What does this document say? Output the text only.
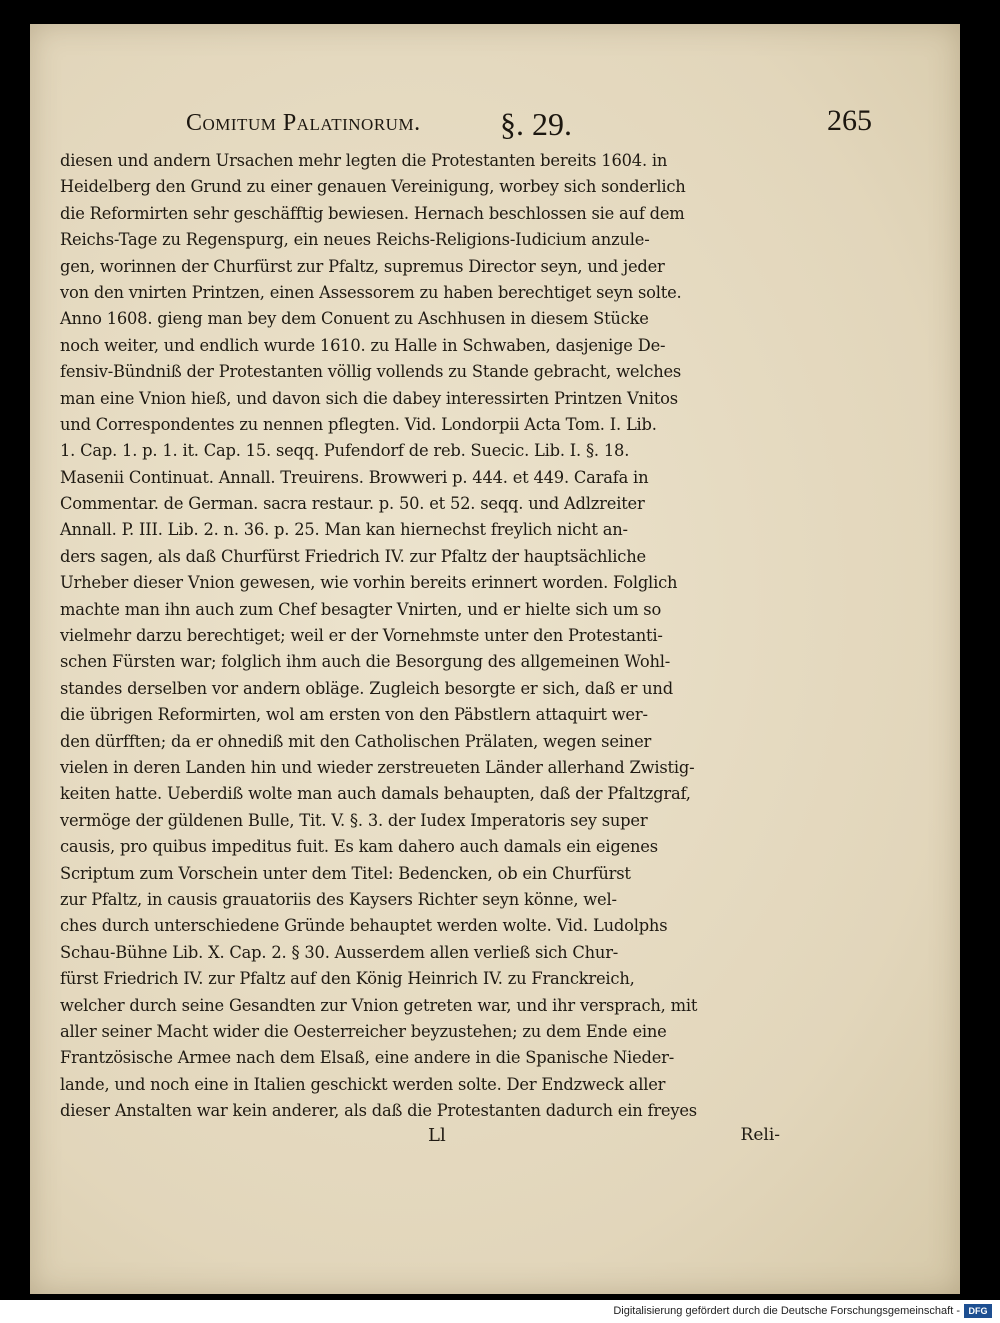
Comitum Palatinorum. §. 29.	265
diesen und andern Ursachen mehr legten die Protestanten bereits 1604. in
Heidelberg den Grund zu einer genauen Vereinigung, worbey sich sonderlich
die Reformirten sehr geschäfftig bewiesen. Hernach beschlossen sie auf dem
Reichs-Tage zu Regenspurg, ein neues Reichs-Religions-Iudicium anzule-
gen, worinnen der Churfürst zur Pfaltz, supremus Director seyn, und jeder
von den vnirten Printzen, einen Assessorem zu haben berechtiget seyn solte.
Anno 1608. gieng man bey dem Conuent zu Aschhusen in diesem Stücke
noch weiter, und endlich wurde 1610. zu Halle in Schwaben, dasjenige De-
fensiv-Bündniß der Protestanten völlig vollends zu Stande gebracht, welches
man eine Vnion hieß, und davon sich die dabey interessirten Printzen Vnitos
und Correspondentes zu nennen pflegten. Vid. Londorpii Acta Tom. I. Lib.
1. Cap. 1. p. 1. it. Cap. 15. seqq. Pufendorf de reb. Suecic. Lib. I. §. 18.
Masenii Continuat. Annall. Treuirens. Browweri p. 444. et 449. Carafa in
Commentar. de German. sacra restaur. p. 50. et 52. seqq. und Adlzreiter
Annall. P. III. Lib. 2. n. 36. p. 25. Man kan hiernechst freylich nicht an-
ders sagen, als daß Churfürst Friedrich IV. zur Pfaltz der hauptsächliche
Urheber dieser Vnion gewesen, wie vorhin bereits erinnert worden. Folglich
machte man ihn auch zum Chef besagter Vnirten, und er hielte sich um so
vielmehr darzu berechtiget; weil er der Vornehmste unter den Protestanti-
schen Fürsten war; folglich ihm auch die Besorgung des allgemeinen Wohl-
standes derselben vor andern obläge. Zugleich besorgte er sich, daß er und
die übrigen Reformirten, wol am ersten von den Päbstlern attaquirt wer-
den dürfften; da er ohnediß mit den Catholischen Prälaten, wegen seiner
vielen in deren Landen hin und wieder zerstreueten Länder allerhand Zwistig-
keiten hatte. Ueberdiß wolte man auch damals behaupten, daß der Pfaltzgraf,
vermöge der güldenen Bulle, Tit. V. §. 3. der Iudex Imperatoris sey super
causis, pro quibus impeditus fuit. Es kam dahero auch damals ein eigenes
Scriptum zum Vorschein unter dem Titel: Bedencken, ob ein Churfürst
zur Pfaltz, in causis grauatoriis des Kaysers Richter seyn könne, wel-
ches durch unterschiedene Gründe behauptet werden wolte. Vid. Ludolphs
Schau-Bühne Lib. X. Cap. 2. § 30. Ausserdem allen verließ sich Chur-
fürst Friedrich IV. zur Pfaltz auf den König Heinrich IV. zu Franckreich,
welcher durch seine Gesandten zur Vnion getreten war, und ihr versprach, mit
aller seiner Macht wider die Oesterreicher beyzustehen; zu dem Ende eine
Frantzösische Armee nach dem Elsaß, eine andere in die Spanische Nieder-
lande, und noch eine in Italien geschickt werden solte. Der Endzweck aller
dieser Anstalten war kein anderer, als daß die Protestanten dadurch ein freyes
Ll	Reli-
Digitalisierung gefördert durch die Deutsche Forschungsgemeinschaft - DFG
